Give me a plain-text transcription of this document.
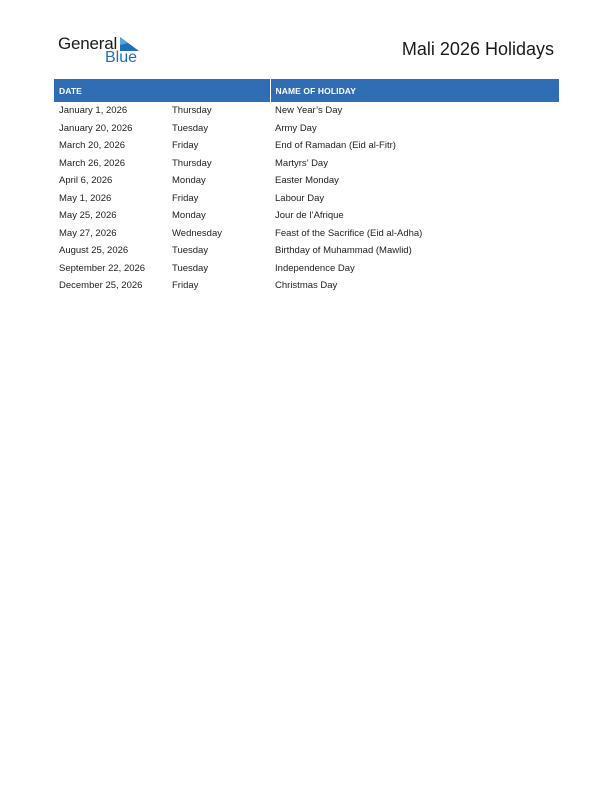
General
Blue	Mali 2026 Holidays
DATE		NAME OF HOLIDAY
January 1, 2026	Thursday	New Year’s Day
January 20, 2026	Tuesday	Army Day
March 20, 2026	Friday	End of Ramadan (Eid al-Fitr)
March 26, 2026	Thursday	Martyrs’ Day
April 6, 2026	Monday	Easter Monday
May 1, 2026	Friday	Labour Day
May 25, 2026	Monday	Jour de l’Afrique
May 27, 2026	Wednesday	Feast of the Sacrifice (Eid al-Adha)
August 25, 2026	Tuesday	Birthday of Muhammad (Mawlid)
September 22, 2026	Tuesday	Independence Day
December 25, 2026	Friday	Christmas Day
